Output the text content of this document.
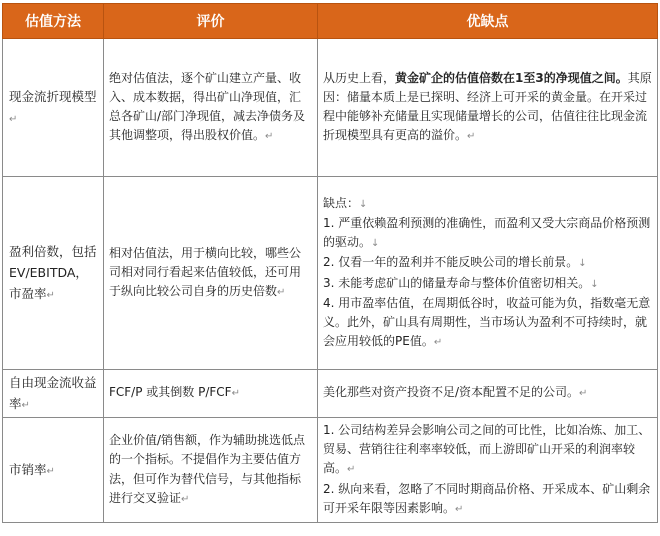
估值方法	评价	优缺点
现金流折现模型↵	绝对估值法，逐个矿山建立产量、收入、成本数据，得出矿山净现值，汇总各矿山/部门净现值，减去净债务及其他调整项，得出股权价值。↵	从历史上看，黄金矿企的估值倍数在1至3的净现值之间。其原因：储量本质上是已探明、经济上可开采的黄金量。在开采过程中能够补充储量且实现储量增长的公司，估值往往比现金流折现模型具有更高的溢价。↵
盈利倍数，包括EV/EBITDA，市盈率↵	相对估值法，用于横向比较，哪些公司相对同行看起来估值较低，还可用于纵向比较公司自身的历史倍数↵	缺点：↓
1. 严重依赖盈利预测的准确性，而盈利又受大宗商品价格预测的驱动。↓
2. 仅看一年的盈利并不能反映公司的增长前景。↓
3. 未能考虑矿山的储量寿命与整体价值密切相关。↓
4. 用市盈率估值，在周期低谷时，收益可能为负，指数毫无意义。此外，矿山具有周期性，当市场认为盈利不可持续时，就会应用较低的PE值。↵

自由现金流收益率↵	FCF/P 或其倒数 P/FCF↵	美化那些对资产投资不足/资本配置不足的公司。↵
市销率↵	企业价值/销售额，作为辅助挑选低点的一个指标。不提倡作为主要估值方法，但可作为替代信号，与其他指标进行交叉验证↵	1. 公司结构差异会影响公司之间的可比性，比如冶炼、加工、贸易、营销往往利率率较低，而上游即矿山开采的利润率较高。↵
2. 纵向来看，忽略了不同时期商品价格、开采成本、矿山剩余可开采年限等因素影响。↵
